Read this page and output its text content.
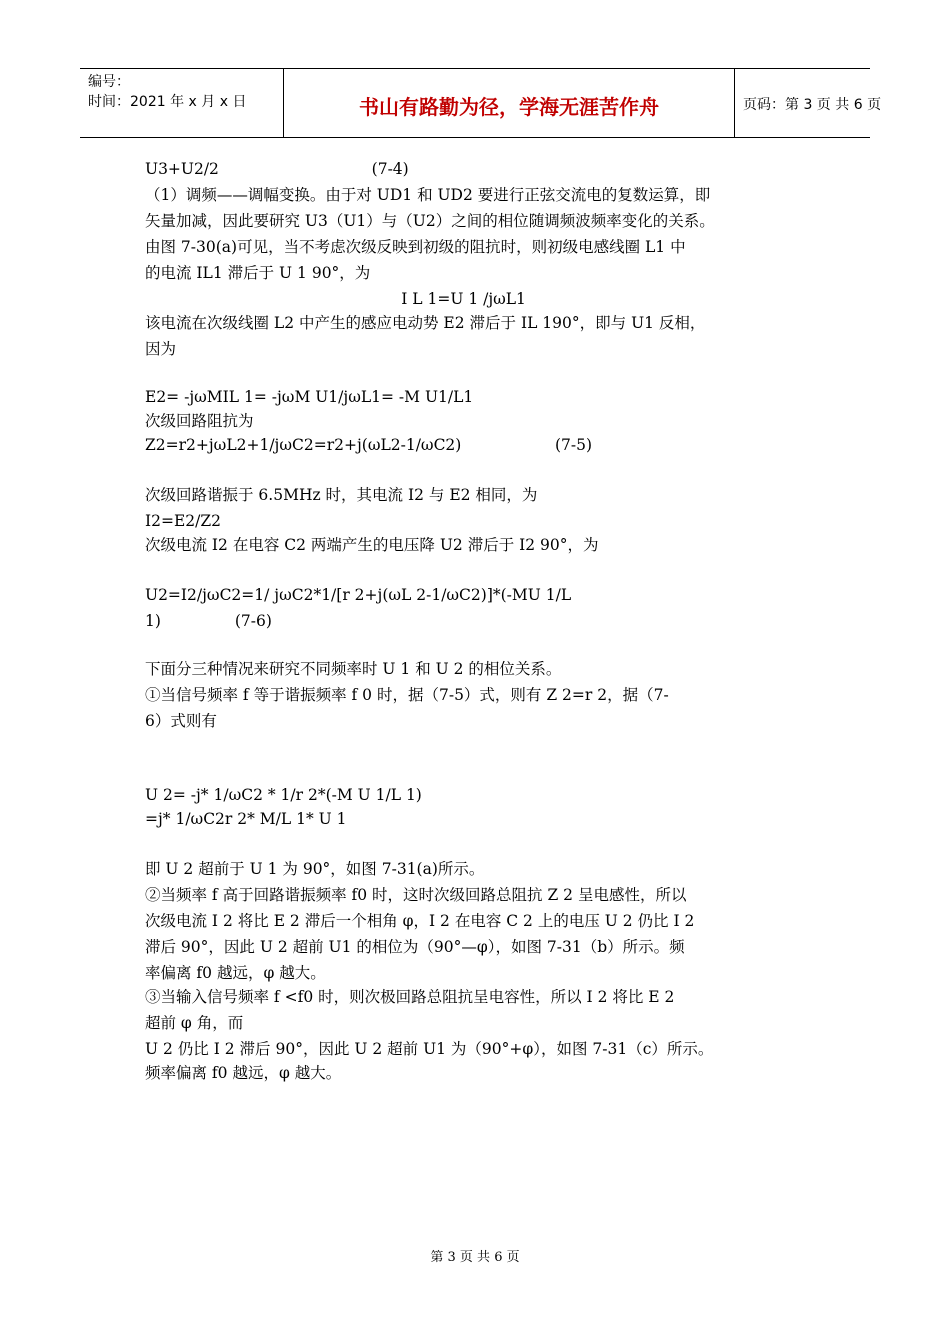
编号：
时间：2021 年 x 月 x 日	书山有路勤为径，学海无涯苦作舟	页码：第 3 页 共 6 页
U3+U2/2                               (7-4)
（1）调频——调幅变换。由于对 UD1 和 UD2 要进行正弦交流电的复数运算，即
矢量加减，因此要研究 U3（U1）与（U2）之间的相位随调频波频率变化的关系。
由图 7-30(a)可见，当不考虑次级反映到初级的阻抗时，则初级电感线圈 L1 中
的电流 IL1 滞后于 U 1 90°，为
I L 1=U 1 /jωL1
该电流在次级线圈 L2 中产生的感应电动势 E2 滞后于 IL 190°，即与 U1 反相，
因为
E2= -jωMIL 1= -jωM U1/jωL1= -M U1/L1
次级回路阻抗为
Z2=r2+jωL2+1/jωC2=r2+j(ωL2-1/ωC2)                   (7-5)
次级回路谐振于 6.5MHz 时，其电流 I2 与 E2 相同，为
I2=E2/Z2
次级电流 I2 在电容 C2 两端产生的电压降 U2 滞后于 I2 90°，为
U2=I2/jωC2=1/ jωC2*1/[r 2+j(ωL 2-1/ωC2)]*(-MU 1/L
1)               (7-6)
下面分三种情况来研究不同频率时 U 1 和 U 2 的相位关系。
①当信号频率 f 等于谐振频率 f 0 时，据（7-5）式，则有 Z 2=r 2，据（7-
6）式则有
U 2= -j* 1/ωC2 * 1/r 2*(-M U 1/L 1)
=j* 1/ωC2r 2* M/L 1* U 1
即 U 2 超前于 U 1 为 90°，如图 7-31(a)所示。
②当频率 f 高于回路谐振频率 f0 时，这时次级回路总阻抗 Z 2 呈电感性，所以
次级电流 I 2 将比 E 2 滞后一个相角 φ，I 2 在电容 C 2 上的电压 U 2 仍比 I 2
滞后 90°，因此 U 2 超前 U1 的相位为（90°—φ），如图 7-31（b）所示。频
率偏离 f0 越远，φ 越大。
③当输入信号频率 f <f0 时，则次极回路总阻抗呈电容性，所以 I 2 将比 E 2
超前 φ 角，而
U 2 仍比 I 2 滞后 90°，因此 U 2 超前 U1 为（90°+φ），如图 7-31（c）所示。
频率偏离 f0 越远，φ 越大。
第 3 页 共 6 页
